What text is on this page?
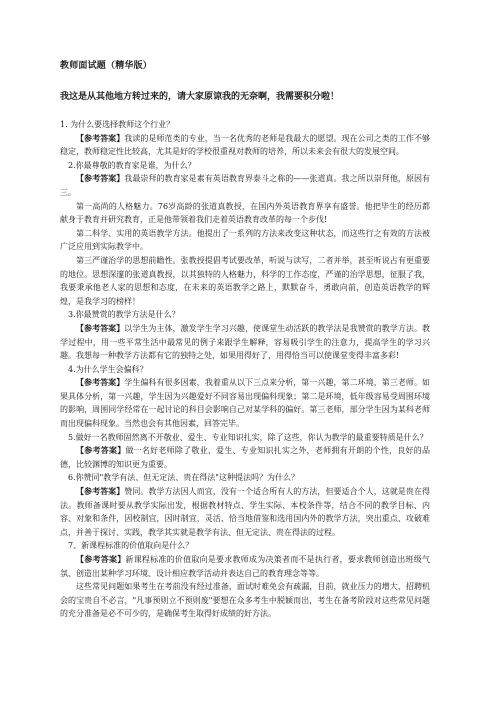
教师面试题（精华版）
我这是从其他地方转过来的，请大家原谅我的无奈啊，我需要积分啦！
1. 为什么要选择教师这个行业？
【参考答案】我读的是师范类的专业，当一名优秀的老师是我最大的愿望。现在公司之类的工作不够稳定，教师稳定性比较高，尤其是好的学校很重视对教师的培养，所以未来会有很大的发展空间。
2.你最尊敬的教育家是谁，为什么？
【参考答案】我最崇拜的教育家是素有英语教育界泰斗之称的——张道真。我之所以崇拜他，原因有三。
第一高尚的人格魅力。76岁高龄的张道真教授，在国内外英语教育界享有盛誉。他把毕生的经历都献身于教育并研究教育，正是他带领着我们走着英语教育改革的每一个步伐!
第二科学、实用的英语教学方法。他提出了一系列的方法来改变这种状态，而这些行之有效的方法被广泛应用到实际教学中。
第三严谨治学的思想前瞻性。张教授提倡考试要改革，听说与读写，二者并举，甚至听说占有更重要的地位。思想深邃的张道真教授，以其独特的人格魅力，科学的工作态度，严谨的治学思想，征服了我，我要秉承他老人家的思想和态度，在未来的英语教学之路上，默默奋斗，勇敢向前，创造英语教学的辉煌，是我学习的榜样！
3.你最赞赏的教学方法是什么？
【参考答案】以学生为主体，激发学生学习兴趣，使课堂生动活跃的教学法是我赞赏的教学方法。教学过程中，用一些平常生活中最常见的例子来跟学生解释，容易吸引学生的注意力，提高学生的学习兴趣。我想每一种教学方法都有它的独特之处，如果用得好了，用得恰当可以使课堂变得丰富多彩!
4.为什么学生会偏科？
【参考答案】学生偏科有很多因素，我着重从以下三点来分析，第一兴趣，第二环境，第三老师。如果具体分析，第一兴趣，学生因为兴趣爱好不同容易出现偏科现象；第二是环境，低年级容易受周围环境的影响，周围同学经常在一起讨论的科目会影响自己对某学科的偏好。第三老师，部分学生因为某科老师而出现偏科现象。当然也会有其他因素，回答完毕。
5.做好一名教师固然离不开敬业、爱生、专业知识扎实，除了这些，你认为教学的最重要特质是什么？
【参考答案】做一名好老师除了敬业、爱生、专业知识扎实之外，老师拥有开朗的个性，良好的品德，比较渊博的知识更为重要。
6.你赞同"教学有法、但无定法、贵在得法"这种提法吗？为什么？
【参考答案】赞同。教学方法因人而宜，没有一个适合所有人的方法，但要适合个人，这就是贵在得法。教师备课时要从教学实际出发，根据教材特点、学生实际、本校条件等，结合不同的教学目标、内容、对象和条件，因校制宜，因时制宜，灵活、恰当地借鉴和选用国内外的教学方法，突出重点、攻破难点，并善于探讨、实践，教学其实就是教学有法、但无定法、贵在得法的过程。
7、新课程标准的价值取向是什么？
【参考答案】新课程标准的价值取向是要求教师成为决策者而不是执行者，要求教师创造出班级气氛、创造出某种学习环境、设计相应教学活动并表达自己的教育理念等等。
这些常见问题如果考生在考前没有经过准备，面试时难免会有疏漏，目前，就业压力的增大，招聘机会的宝贵自不必言，"凡事预则立不预则废"要想在众多考生中脱颖而出，考生在备考阶段对这些常见问题的充分准备是必不可少的，是确保考生取得好成绩的好方法。
